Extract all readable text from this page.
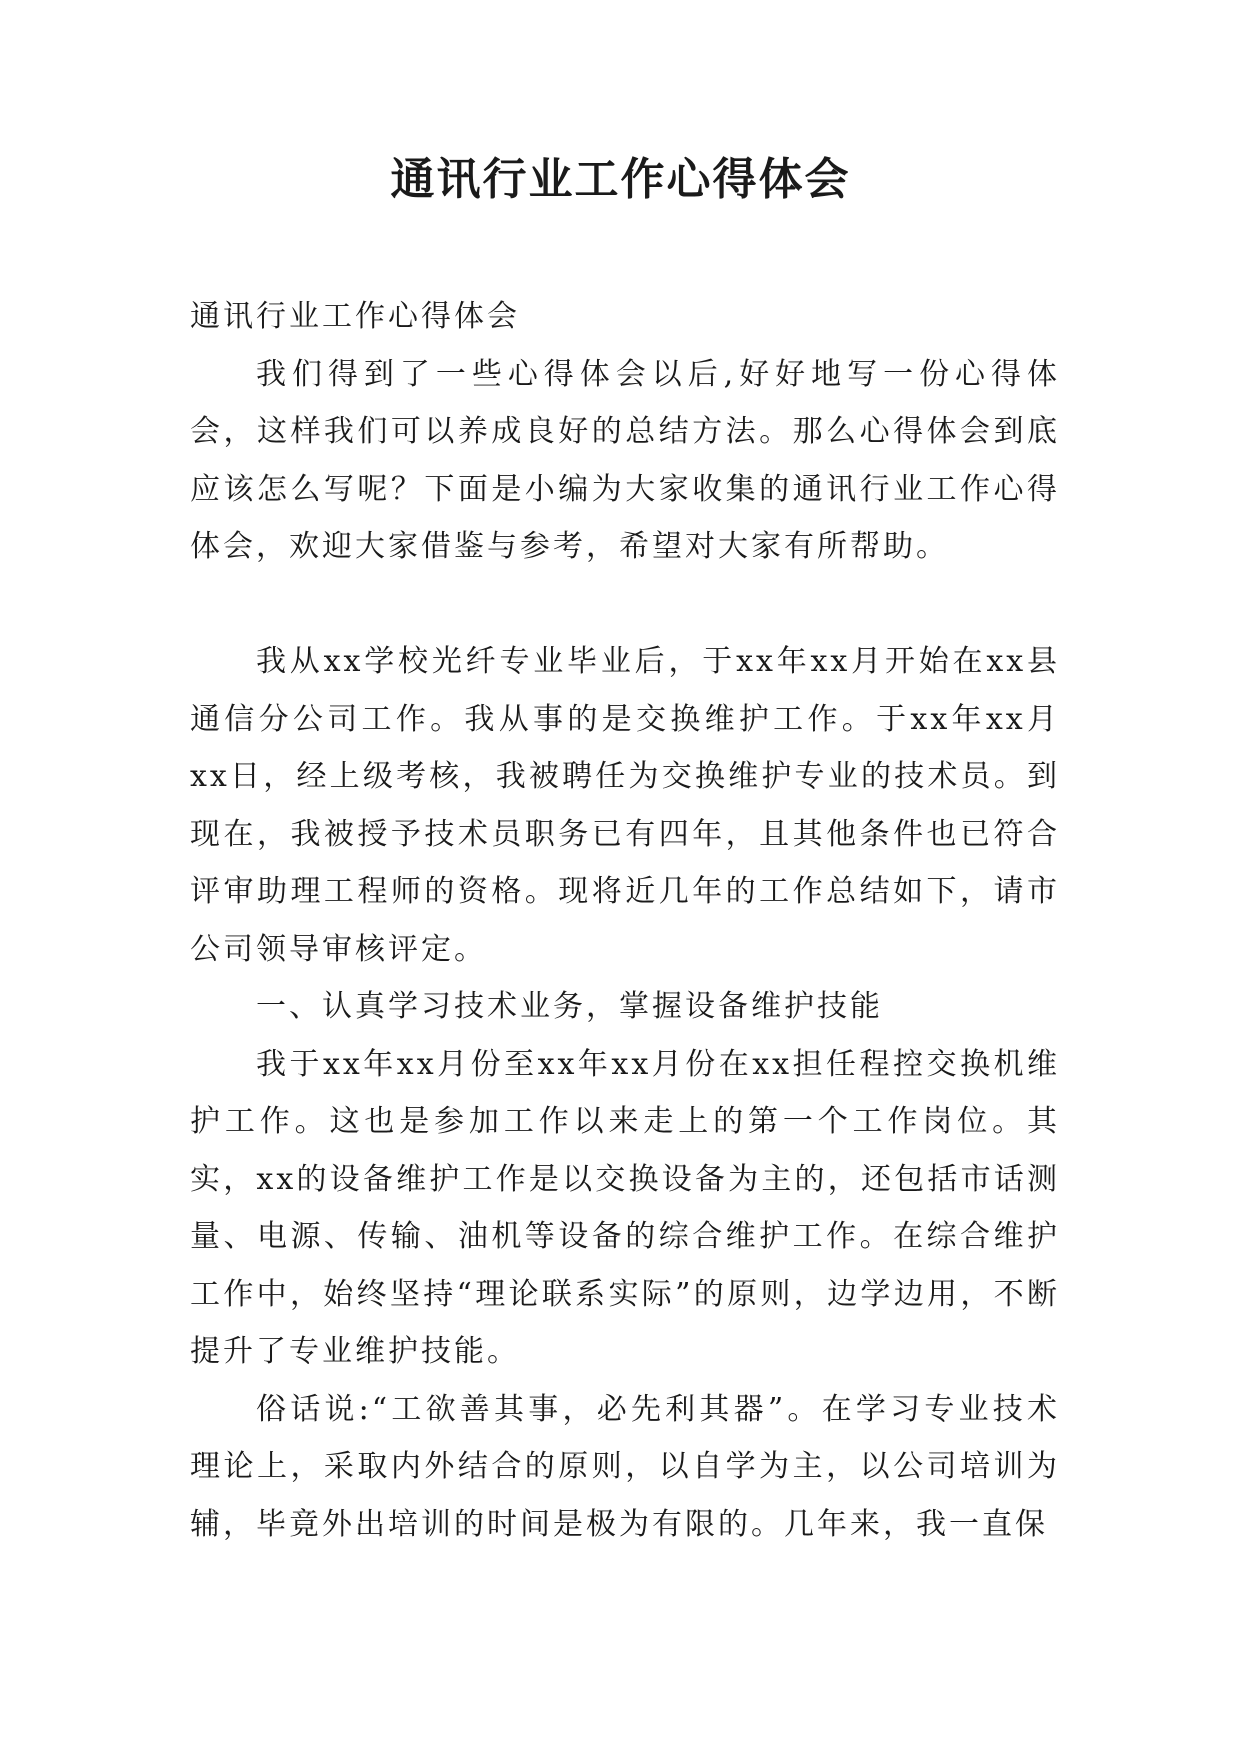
通讯行业工作心得体会

通讯行业工作心得体会

我们得到了一些心得体会以后,好好地写一份心得体会，这样我们可以养成良好的总结方法。那么心得体会到底应该怎么写呢？下面是小编为大家收集的通讯行业工作心得体会，欢迎大家借鉴与参考，希望对大家有所帮助。

我从xx学校光纤专业毕业后，于xx年xx月开始在xx县通信分公司工作。我从事的是交换维护工作。于xx年xx月xx日，经上级考核，我被聘任为交换维护专业的技术员。到现在，我被授予技术员职务已有四年，且其他条件也已符合评审助理工程师的资格。现将近几年的工作总结如下，请市公司领导审核评定。

一、认真学习技术业务，掌握设备维护技能

我于xx年xx月份至xx年xx月份在xx担任程控交换机维护工作。这也是参加工作以来走上的第一个工作岗位。其实，xx的设备维护工作是以交换设备为主的，还包括市话测量、电源、传输、油机等设备的综合维护工作。在综合维护工作中，始终坚持“理论联系实际”的原则，边学边用，不断提升了专业维护技能。

俗话说:“工欲善其事，必先利其器”。在学习专业技术理论上，采取内外结合的原则，以自学为主，以公司培训为辅，毕竟外出培训的时间是极为有限的。几年来，我一直保
